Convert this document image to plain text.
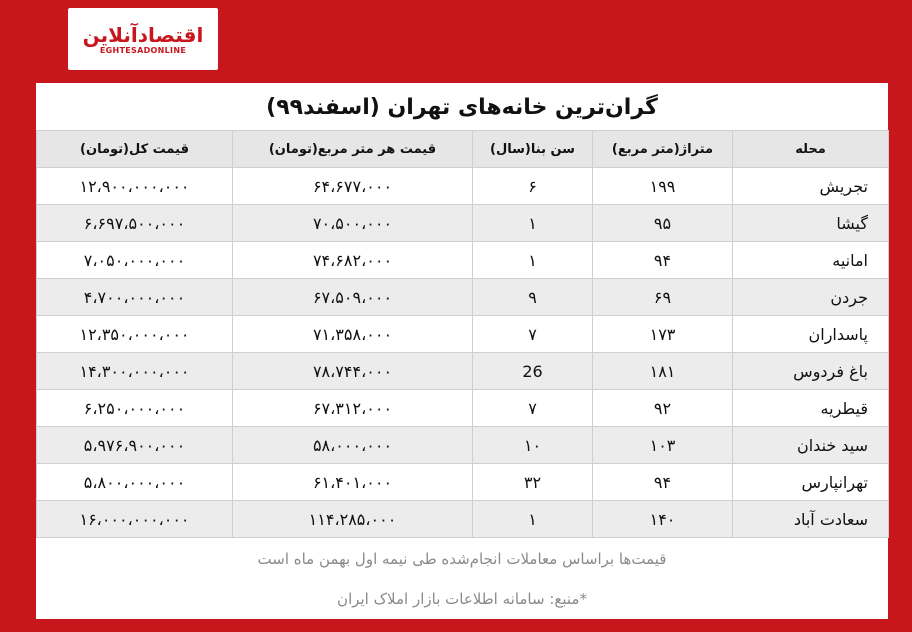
اقتصادآنلاین
EGHTESADONLINE
گران‌ترین خانه‌های تهران (اسفند۹۹)
محله	متراژ(متر مربع)	سن بنا(سال)	قیمت هر متر مربع(تومان)	قیمت کل(تومان)
تجریش	۱۹۹	۶	۶۴،۶۷۷،۰۰۰	۱۲،۹۰۰،۰۰۰،۰۰۰
گیشا	۹۵	۱	۷۰،۵۰۰،۰۰۰	۶،۶۹۷،۵۰۰،۰۰۰
امانیه	۹۴	۱	۷۴،۶۸۲،۰۰۰	۷،۰۵۰،۰۰۰،۰۰۰
جردن	۶۹	۹	۶۷،۵۰۹،۰۰۰	۴،۷۰۰،۰۰۰،۰۰۰
پاسداران	۱۷۳	۷	۷۱،۳۵۸،۰۰۰	۱۲،۳۵۰،۰۰۰،۰۰۰
باغ فردوس	۱۸۱	26	۷۸،۷۴۴،۰۰۰	۱۴،۳۰۰،۰۰۰،۰۰۰
قیطریه	۹۲	۷	۶۷،۳۱۲،۰۰۰	۶،۲۵۰،۰۰۰،۰۰۰
سید خندان	۱۰۳	۱۰	۵۸،۰۰۰،۰۰۰	۵،۹۷۶،۹۰۰،۰۰۰
تهرانپارس	۹۴	۳۲	۶۱،۴۰۱،۰۰۰	۵،۸۰۰،۰۰۰،۰۰۰
سعادت آباد	۱۴۰	۱	۱۱۴،۲۸۵،۰۰۰	۱۶،۰۰۰،۰۰۰،۰۰۰
قیمت‌ها براساس معاملات انجام‌شده طی نیمه اول بهمن ماه است
*منبع: سامانه اطلاعات بازار املاک ایران
